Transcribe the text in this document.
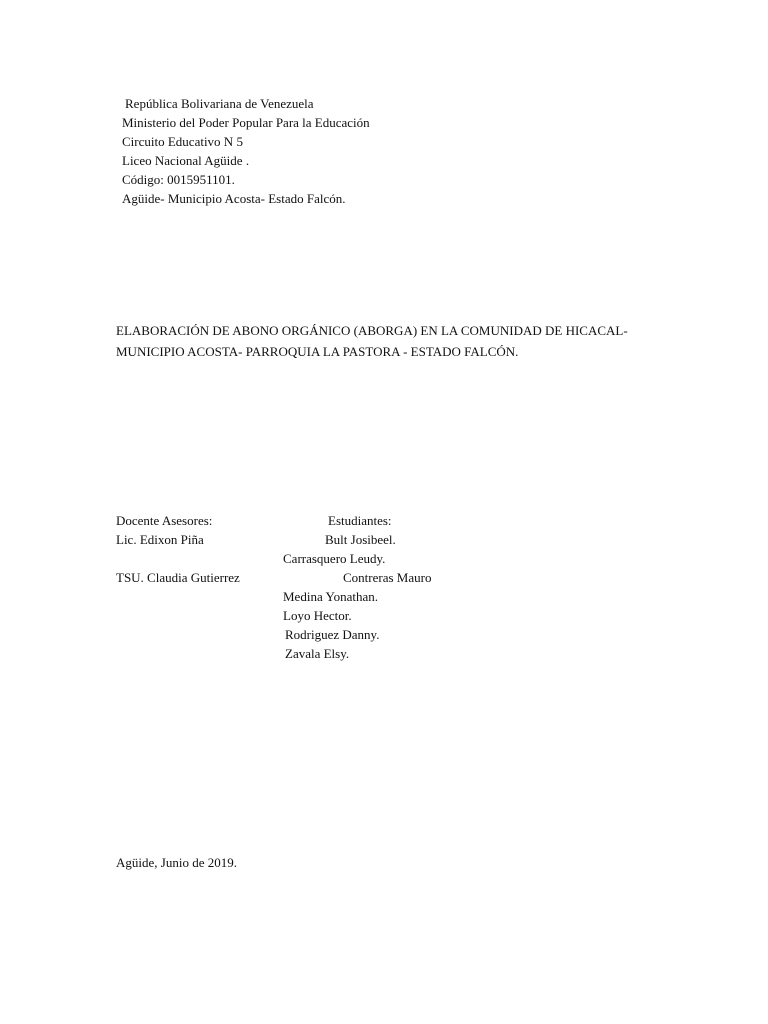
República Bolivariana de Venezuela
Ministerio del Poder Popular Para la Educación
Circuito Educativo N 5
Liceo Nacional Agüide .
Código: 0015951101.
Agüide- Municipio Acosta- Estado Falcón.
ELABORACIÓN DE ABONO ORGÁNICO (ABORGA) EN LA COMUNIDAD DE HICACAL-
MUNICIPIO ACOSTA- PARROQUIA LA PASTORA - ESTADO FALCÓN.
Docente Asesores:
Lic. Edixon Piña
TSU. Claudia Gutierrez
Estudiantes:
Bult Josibeel.
Carrasquero Leudy.
Contreras Mauro
Medina Yonathan.
Loyo Hector.
Rodriguez Danny.
Zavala Elsy.
Agüide, Junio de 2019.
